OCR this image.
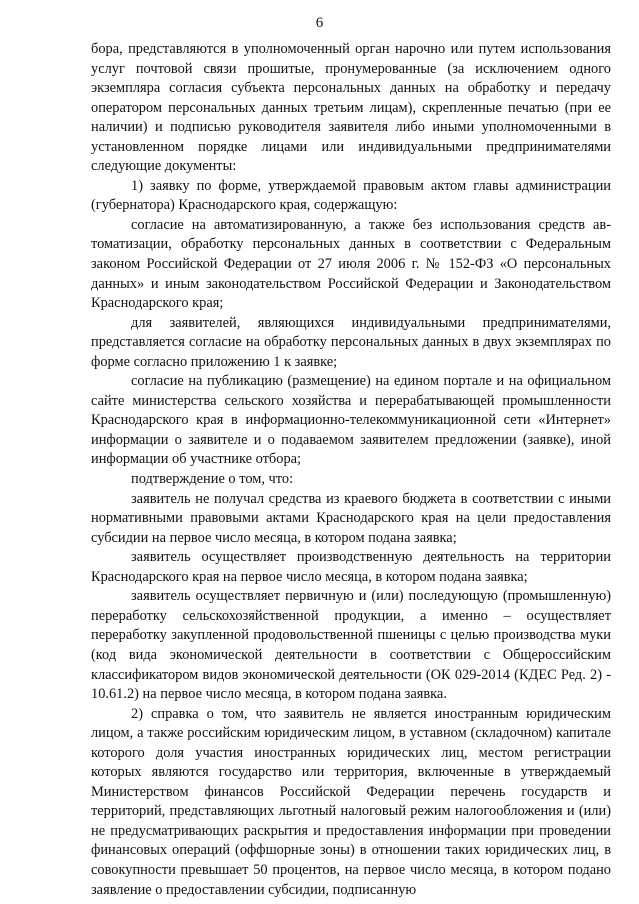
6

бора, представляются в уполномоченный орган нарочно или путем использования услуг почтовой связи прошитые, пронумерованные (за исключением одного экземпляра согласия субъекта персональных данных на обработку и передачу оператором персональных данных третьим лицам), скрепленные печатью (при ее наличии) и подписью руководителя заявителя либо иными уполномоченными в установленном порядке лицами или индивидуальными предпринимателями следующие документы:

1) заявку по форме, утверждаемой правовым актом главы администрации (губернатора) Краснодарского края, содержащую:

согласие на автоматизированную, а также без использования средств автоматизации, обработку персональных данных в соответствии с Федеральным законом Российской Федерации от 27 июля 2006 г. № 152-ФЗ «О персональных данных» и иным законодательством Российской Федерации и Законодательством Краснодарского края;

для заявителей, являющихся индивидуальными предпринимателями, представляется согласие на обработку персональных данных в двух экземплярах по форме согласно приложению 1 к заявке;

согласие на публикацию (размещение) на едином портале и на официальном сайте министерства сельского хозяйства и перерабатывающей промышленности Краснодарского края в информационно-телекоммуникационной сети «Интернет» информации о заявителе и о подаваемом заявителем предложении (заявке), иной информации об участнике отбора;

подтверждение о том, что:

заявитель не получал средства из краевого бюджета в соответствии с иными нормативными правовыми актами Краснодарского края на цели предоставления субсидии на первое число месяца, в котором подана заявка;

заявитель осуществляет производственную деятельность на территории Краснодарского края на первое число месяца, в котором подана заявка;

заявитель осуществляет первичную и (или) последующую (промышленную) переработку сельскохозяйственной продукции, а именно – осуществляет переработку закупленной продовольственной пшеницы с целью производства муки (код вида экономической деятельности в соответствии с Общероссийским классификатором видов экономической деятельности (ОК 029-2014 (КДЕС Ред. 2) - 10.61.2) на первое число месяца, в котором подана заявка.

2) справка о том, что заявитель не является иностранным юридическим лицом, а также российским юридическим лицом, в уставном (складочном) капитале которого доля участия иностранных юридических лиц, местом регистрации которых являются государство или территория, включенные в утверждаемый Министерством финансов Российской Федерации перечень государств и территорий, представляющих льготный налоговый режим налогообложения и (или) не предусматривающих раскрытия и предоставления информации при проведении финансовых операций (оффшорные зоны) в отношении таких юридических лиц, в совокупности превышает 50 процентов, на первое число месяца, в котором подано заявление о предоставлении субсидии, подписанную
